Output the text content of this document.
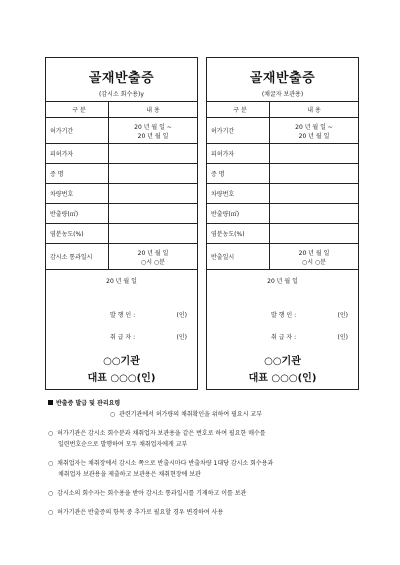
골재반출증
(감시소 회수용)y
구 분	내 용
허가기간	20 년 월 일 ~
20 년 월 일

피허가자	
증 명	
차량번호	
반출량(㎥)	
염분농도(%)	
감시소 통과일시	20 년 월 일
○시 ○분
20 년 월 일
발 행 인 :	(인)
취 급 자 :	(인)
○○기관
대표 ○○○(인)
골재반출증
(채굴자 보관용)
구 분	내 용
허가기간	20 년 월 일 ~
20 년 월 일

피허가자	
증 명	
차량번호	
반출량(㎥)	
염분농도(%)	
반출일시	20 년 월 일
○시 ○분
20 년 월 일
발 행 인 :	(인)
취 급 자 :	(인)
○○기관
대표 ○○○(인)
반출증 발급 및 관리요령
○ 관련기관에서 허가량의 채취확인을 위하여 필요시 교부
○ 허가기관은 감시소 회수분과 채취업자 보관용을 같은 번호로 하여 필요한 매수를
일련번호순으로 발행하여 모두 채취업자에게 교부
○ 채취업자는 채취장에서 감시소 쪽으로 반출시마다 반출차량 1대당 감시소 회수용과
채취업자 보관용을 제출하고 보관용은 채취현장에 보관
○ 감시소의 회수자는 회수용을 받아 감시소 통과일시를 기재하고 이를 보관
○ 허가기관은 반출증의 항목 중 추가로 필요할 경우 변경하여 사용
